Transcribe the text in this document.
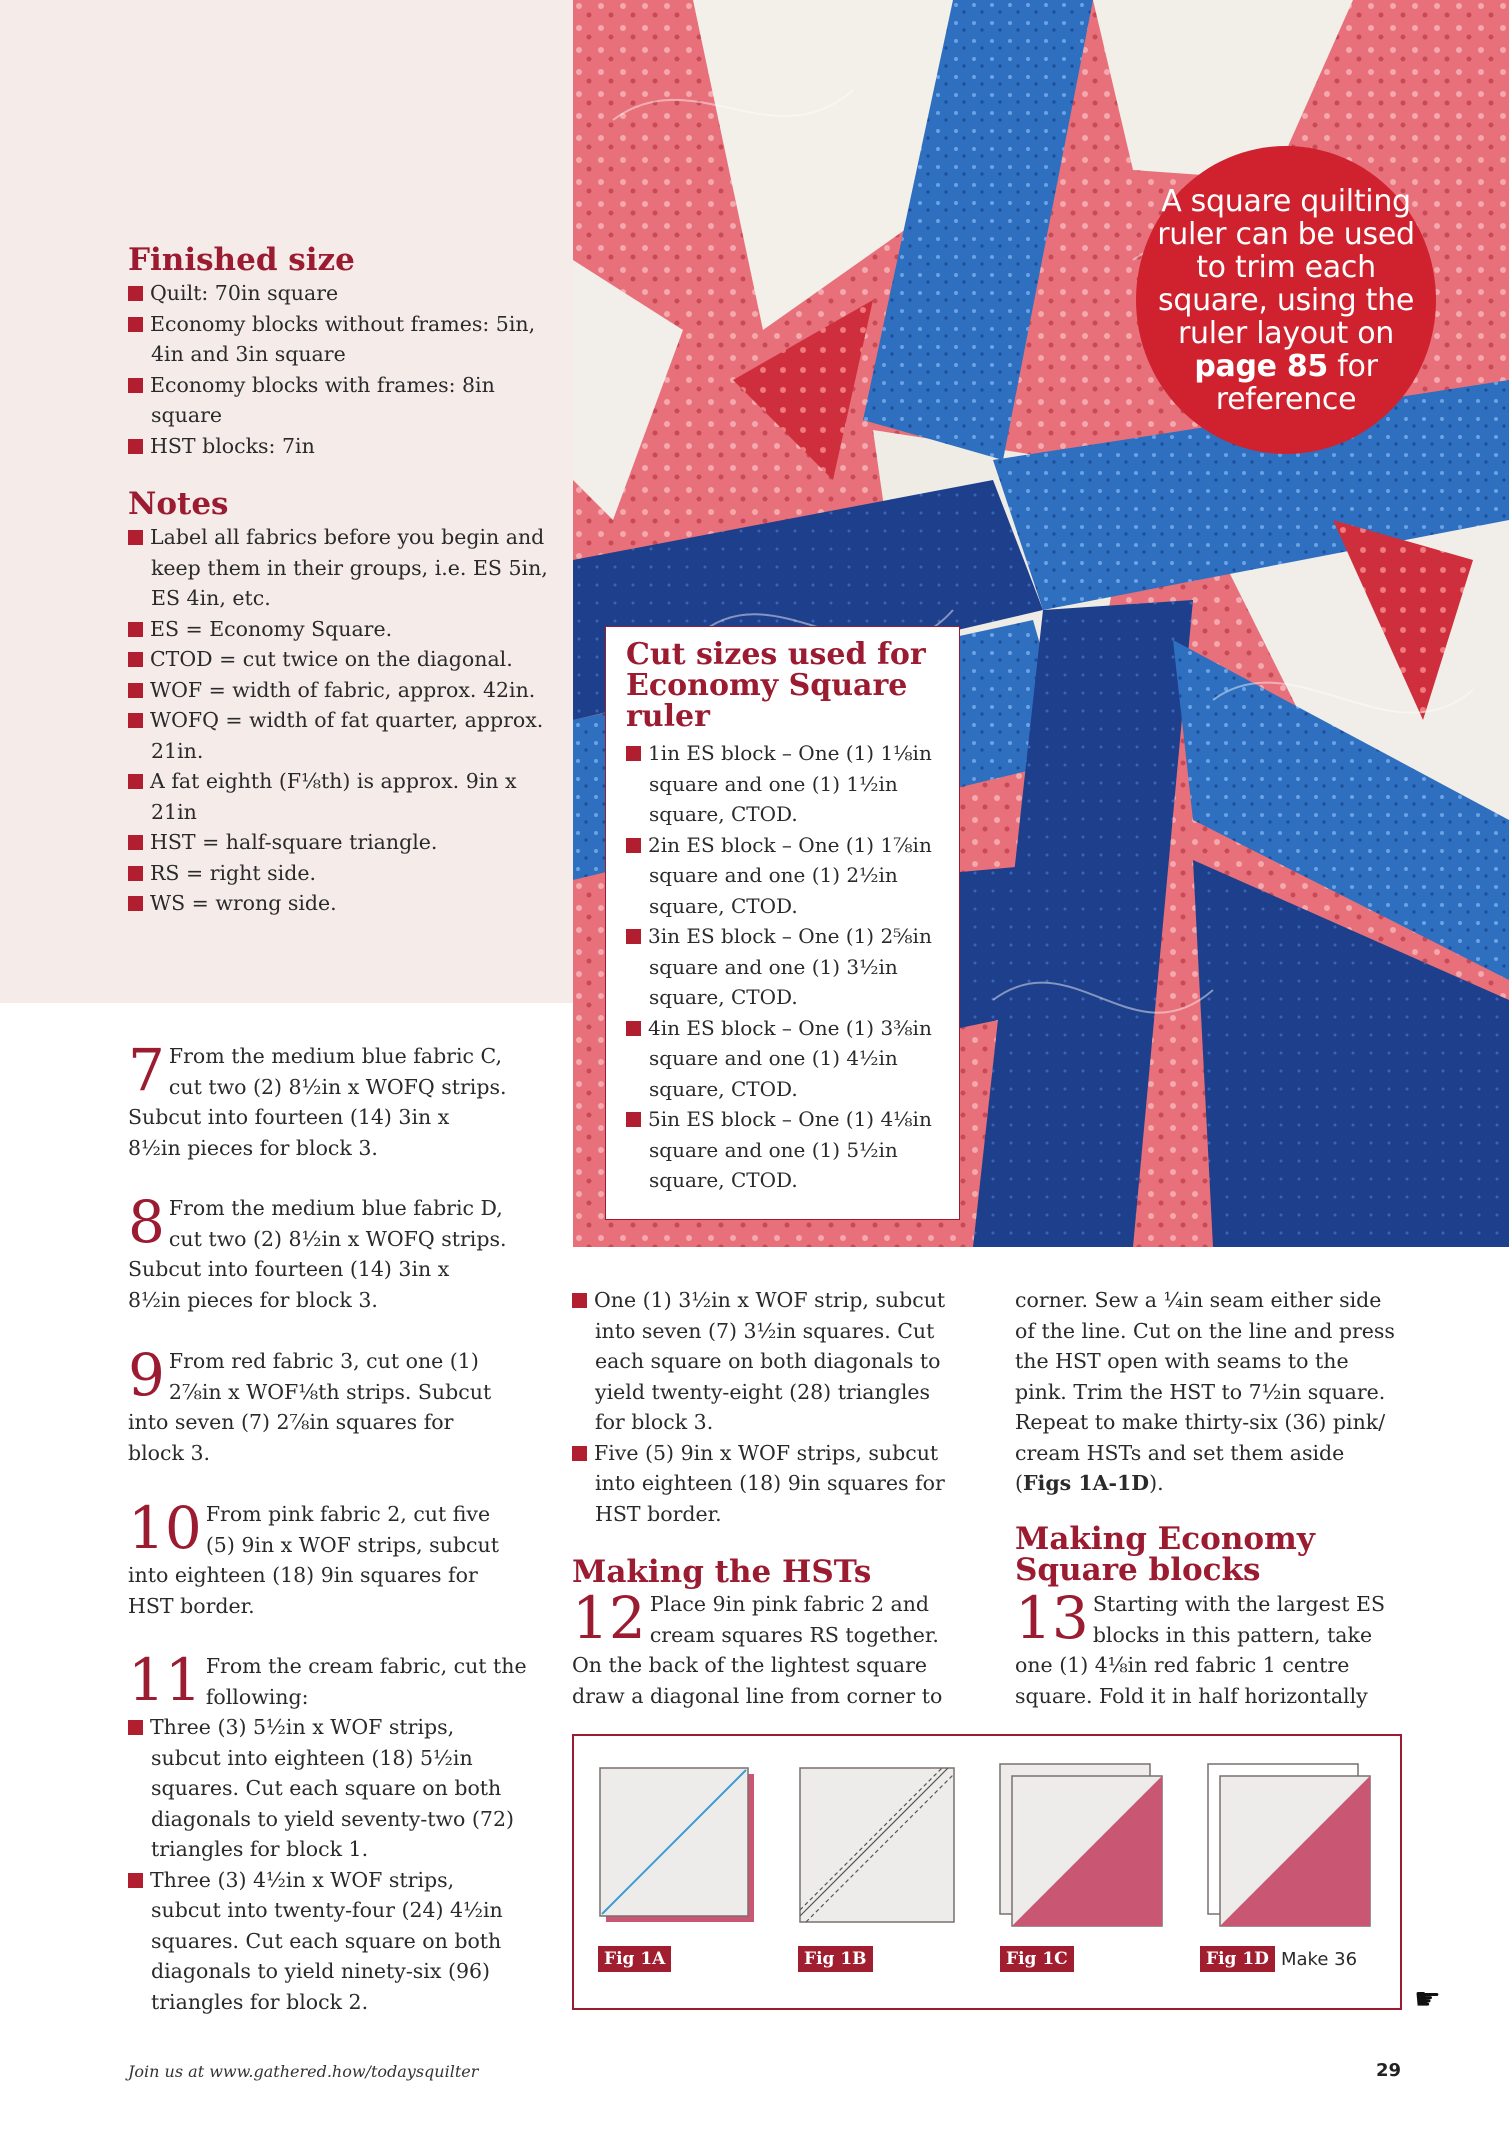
Finished size
Quilt: 70in square
Economy blocks without frames: 5in, 4in and 3in square
Economy blocks with frames: 8in square
HST blocks: 7in
Notes
Label all fabrics before you begin and keep them in their groups, i.e. ES 5in, ES 4in, etc.
ES = Economy Square.
CTOD = cut twice on the diagonal.
WOF = width of fabric, approx. 42in.
WOFQ = width of fat quarter, approx. 21in.
A fat eighth (F⅛th) is approx. 9in x 21in
HST = half-square triangle.
RS = right side.
WS = wrong side.

A square quilting ruler can be used to trim each square, using the ruler layout on page 85 for reference

Cut sizes used for Economy Square ruler
1in ES block – One (1) 1⅛in square and one (1) 1½in square, CTOD.
2in ES block – One (1) 1⅞in square and one (1) 2½in square, CTOD.
3in ES block – One (1) 2⅝in square and one (1) 3½in square, CTOD.
4in ES block – One (1) 3⅜in square and one (1) 4½in square, CTOD.
5in ES block – One (1) 4⅛in square and one (1) 5½in square, CTOD.
7 From the medium blue fabric C, cut two (2) 8½in x WOFQ strips. Subcut into fourteen (14) 3in x 8½in pieces for block 3.
8 From the medium blue fabric D, cut two (2) 8½in x WOFQ strips. Subcut into fourteen (14) 3in x 8½in pieces for block 3.
9 From red fabric 3, cut one (1) 2⅞in x WOF⅛th strips. Subcut into seven (7) 2⅞in squares for block 3.
10 From pink fabric 2, cut five (5) 9in x WOF strips, subcut into eighteen (18) 9in squares for HST border.
11 From the cream fabric, cut the following:
Three (3) 5½in x WOF strips, subcut into eighteen (18) 5½in squares. Cut each square on both diagonals to yield seventy-two (72) triangles for block 1.
Three (3) 4½in x WOF strips, subcut into twenty-four (24) 4½in squares. Cut each square on both diagonals to yield ninety-six (96) triangles for block 2.
One (1) 3½in x WOF strip, subcut into seven (7) 3½in squares. Cut each square on both diagonals to yield twenty-eight (28) triangles for block 3.
Five (5) 9in x WOF strips, subcut into eighteen (18) 9in squares for HST border.
Making the HSTs
12 Place 9in pink fabric 2 and cream squares RS together. On the back of the lightest square draw a diagonal line from corner to
corner. Sew a ¼in seam either side of the line. Cut on the line and press the HST open with seams to the pink. Trim the HST to 7½in square. Repeat to make thirty-six (36) pink/ cream HSTs and set them aside (Figs 1A-1D).
Making Economy Square blocks
13 Starting with the largest ES blocks in this pattern, take one (1) 4⅛in red fabric 1 centre square. Fold it in half horizontally
Fig 1A	Fig 1B	Fig 1C	Fig 1D Make 36
☛
Join us at www.gathered.how/todaysquilter	29
